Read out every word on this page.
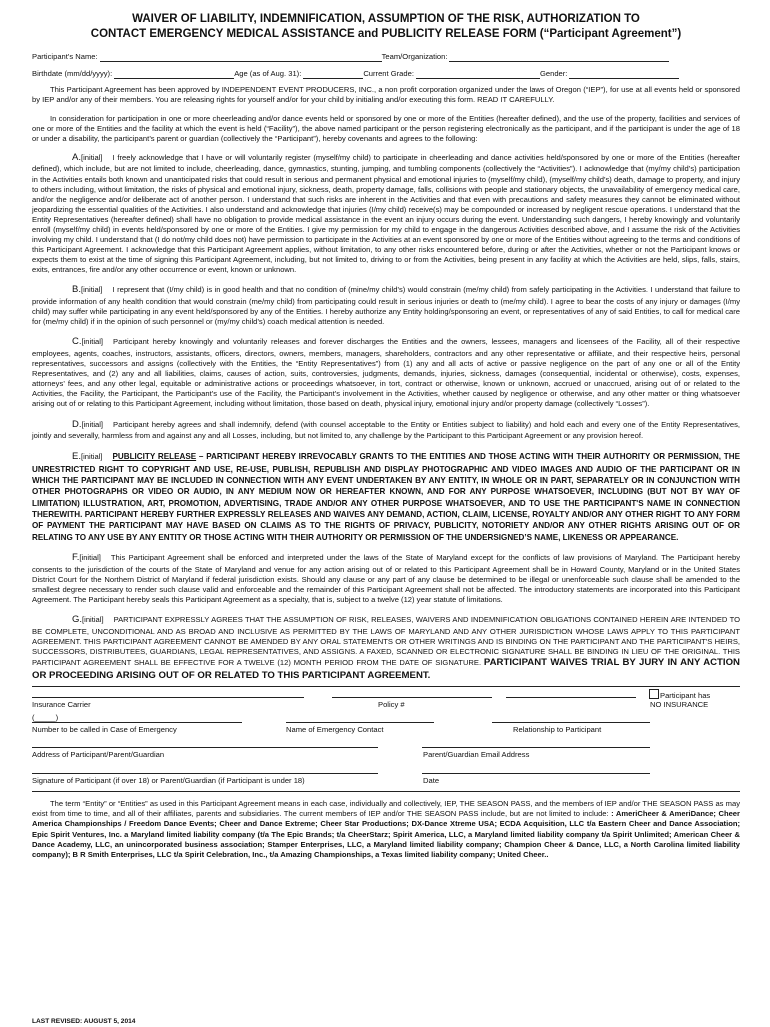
WAIVER OF LIABILITY, INDEMNIFICATION, ASSUMPTION OF THE RISK, AUTHORIZATION TO
CONTACT EMERGENCY MEDICAL ASSISTANCE and PUBLICITY RELEASE FORM (“Participant Agreement”)
Participant's Name:	Team/Organization:
Birthdate (mm/dd/yyyy):	Age (as of Aug. 31):	Current Grade:	Gender:

This Participant Agreement has been approved by INDEPENDENT EVENT PRODUCERS, INC., a non profit corporation organized under the laws of Oregon (“IEP”), for use at all events held or sponsored by IEP and/or any of their members. You are releasing rights for yourself and/or for your child by initialing and/or executing this form. READ IT CAREFULLY.

In consideration for participation in one or more cheerleading and/or dance events held or sponsored by one or more of the Entities (hereafter defined), and the use of the property, facilities and services of one or more of the Entities and the facility at which the event is held (“Facility”), the above named participant or the person registering electronically as the participant, and if the participant is under the age of 18 or under a disability, the participant’s parent or guardian (collectively the “Participant”), hereby covenants and agrees to the following:

A.[initial] I freely acknowledge that I have or will voluntarily register (myself/my child) to participate in cheerleading and dance activities held/sponsored by one or more of the Entities (hereafter defined), which include, but are not limited to include, cheerleading, dance, gymnastics, stunting, jumping, and tumbling components (collectively the “Activities”). I acknowledge that (my/my child’s) participation in the Activities entails both known and unanticipated risks that could result in serious and permanent physical and emotional injuries to (myself/my child), (myself/my child’s) death, damage to property, and injury to others including, without limitation, the risks of physical and emotional injury, sickness, death, property damage, falls, collisions with people and stationary objects, the unavailability of emergency medical care, and/or the negligence and/or deliberate act of another person. I understand that such risks are inherent in the Activities and that even with precautions and safety measures they cannot be eliminated without jeopardizing the essential qualities of the Activities. I also understand and acknowledge that injuries (I/my child) receive(s) may be compounded or increased by negligent rescue operations. I understand that the Entity Representatives (hereafter defined) shall have no obligation to provide medical assistance in the event an injury occurs during the event. Understanding such dangers, I hereby knowingly and voluntarily enroll (myself/my child) in events held/sponsored by one or more of the Entities. I give my permission for my child to engage in the dangerous Activities described above, and I assume the risk of the Activities involving my child. I understand that (I do not/my child does not) have permission to participate in the Activities at an event sponsored by one or more of the Entities without agreeing to the terms and conditions of this Participant Agreement. I acknowledge that this Participant Agreement applies, without limitation, to any other risks encountered before, during or after the Activities, whether or not the Participant knows or expects them to exist at the time of signing this Participant Agreement, including, but not limited to, driving to or from the Activities, being present in any facility at which the Activities are held, slips, falls, stairs, exits, entrances, fire and/or any other occurrence or event, known or unknown.
B.[initial] I represent that (I/my child) is in good health and that no condition of (mine/my child’s) would constrain (me/my child) from safely participating in the Activities. I understand that failure to provide information of any health condition that would constrain (me/my child) from participating could result in serious injuries or death to (me/my child). I agree to bear the costs of any injury or damages (I/my child) may suffer while participating in any event held/sponsored by any of the Entities. I hereby authorize any Entity holding/sponsoring an event, or representatives of any of said Entities, to call for medical care for (me/my child) if in the opinion of such personnel or (my/my child’s) coach medical attention is needed.
C.[initial] Participant hereby knowingly and voluntarily releases and forever discharges the Entities and the owners, lessees, managers and licensees of the Facility, all of their respective employees, agents, coaches, instructors, assistants, officers, directors, owners, members, managers, shareholders, contractors and any other representative or affiliate, and their respective heirs, personal representatives, successors and assigns (collectively with the Entities, the “Entity Representatives”) from (1) any and all acts of active or passive negligence on the part of any one or all of the Entity Representatives, and (2) any and all liabilities, claims, causes of action, suits, controversies, judgments, demands, injuries, sickness, damages (consequential, incidental or otherwise), costs, expenses, attorneys’ fees, and any other legal, equitable or administrative actions or proceedings whatsoever, in tort, contract or otherwise, known or unknown, accrued or unaccrued, arising out of or related to the Activities, the Facility, the Participant, the Participant’s use of the Facility, the Participant’s involvement in the Activities, whether caused by negligence or otherwise, and any other matter or thing whatsoever arising out of or relating to this Participant Agreement, including without limitation, those based on death, physical injury, emotional injury and/or property damage (collectively “Losses”).
D.[initial] Participant hereby agrees and shall indemnify, defend (with counsel acceptable to the Entity or Entities subject to liability) and hold each and every one of the Entity Representatives, jointly and severally, harmless from and against any and all Losses, including, but not limited to, any challenge by the Participant to this Participant Agreement or any provision hereof.
E.[initial] PUBLICITY RELEASE – PARTICIPANT HEREBY IRREVOCABLY GRANTS TO THE ENTITIES AND THOSE ACTING WITH THEIR AUTHORITY OR PERMISSION, THE UNRESTRICTED RIGHT TO COPYRIGHT AND USE, RE-USE, PUBLISH, REPUBLISH AND DISPLAY PHOTOGRAPHIC AND VIDEO IMAGES AND AUDIO OF THE PARTICIPANT OR IN WHICH THE PARTICIPANT MAY BE INCLUDED IN CONNECTION WITH ANY EVENT UNDERTAKEN BY ANY ENTITY, IN WHOLE OR IN PART, SEPARATELY OR IN CONJUNCTION WITH OTHER PHOTOGRAPHS OR VIDEO OR AUDIO, IN ANY MEDIUM NOW OR HEREAFTER KNOWN, AND FOR ANY PURPOSE WHATSOEVER, INCLUDING (BUT NOT BY WAY OF LIMITATION) ILLUSTRATION, ART, PROMOTION, ADVERTISING, TRADE AND/OR ANY OTHER PURPOSE WHATSOEVER, AND TO USE THE PARTICIPANT'S NAME IN CONNECTION THEREWITH. PARTICIPANT HEREBY FURTHER EXPRESSLY RELEASES AND WAIVES ANY DEMAND, ACTION, CLAIM, LICENSE, ROYALTY AND/OR ANY OTHER RIGHT TO ANY FORM OF PAYMENT THE PARTICIPANT MAY HAVE BASED ON CLAIMS AS TO THE RIGHTS OF PRIVACY, PUBLICITY, NOTORIETY AND/OR ANY OTHER RIGHTS ARISING OUT OF OR RELATING TO ANY USE BY ANY ENTITY OR THOSE ACTING WITH THEIR AUTHORITY OR PERMISSION OF THE UNDERSIGNED’S NAME, LIKENESS OR APPEARANCE.
F.[initial] This Participant Agreement shall be enforced and interpreted under the laws of the State of Maryland except for the conflicts of law provisions of Maryland. The Participant hereby consents to the jurisdiction of the courts of the State of Maryland and venue for any action arising out of or related to this Participant Agreement shall be in Howard County, Maryland or in the United States District Court for the Northern District of Maryland if federal jurisdiction exists. Should any clause or any part of any clause be determined to be illegal or unenforceable such clause shall be amended to the smallest degree necessary to render such clause valid and enforceable and the remainder of this Participant Agreement shall not be affected. The introductory statements are incorporated into this Participant Agreement. The Participant hereby seals this Participant Agreement as a specialty, that is, subject to a twelve (12) year statute of limitations.
G.[initial] PARTICIPANT EXPRESSLY AGREES THAT THE ASSUMPTION OF RISK, RELEASES, WAIVERS AND INDEMNIFICATION OBLIGATIONS CONTAINED HEREIN ARE INTENDED TO BE COMPLETE, UNCONDITIONAL AND AS BROAD AND INCLUSIVE AS PERMITTED BY THE LAWS OF MARYLAND AND ANY OTHER JURISDICTION WHOSE LAWS APPLY TO THIS PARTICIPANT AGREEMENT. THIS PARTICIPANT AGREEMENT CANNOT BE AMENDED BY ANY ORAL STATEMENTS OR OTHER WRITINGS AND IS BINDING ON THE PARTICIPANT AND THE PARTICIPANT'S HEIRS, SUCCESSORS, DISTRIBUTEES, GUARDIANS, LEGAL REPRESENTATIVES, AND ASSIGNS. A FAXED, SCANNED OR ELECTRONIC SIGNATURE SHALL BE BINDING IN LIEU OF THE ORIGINAL. THIS PARTICIPANT AGREEMENT SHALL BE EFFECTIVE FOR A TWELVE (12) MONTH PERIOD FROM THE DATE OF SIGNATURE. PARTICIPANT WAIVES TRIAL BY JURY IN ANY ACTION OR PROCEEDING ARISING OUT OF OR RELATED TO THIS PARTICIPANT AGREEMENT.
Insurance Carrier	Policy #
Participant has
NO INSURANCE
(_____)
Number to be called in Case of Emergency	Name of Emergency Contact	Relationship to Participant
Address of Participant/Parent/Guardian	Parent/Guardian Email Address
Signature of Participant (if over 18) or Parent/Guardian (if Participant is under 18)	Date

The term “Entity” or “Entities” as used in this Participant Agreement means in each case, individually and collectively, IEP, THE SEASON PASS, and the members of IEP and/or THE SEASON PASS as may exist from time to time, and all of their affiliates, parents and subsidiaries. The current members of IEP and/or THE SEASON PASS include, but are not limited to include: : AmeriCheer & AmeriDance; Cheer America Championships / Freedom Dance Events; Cheer and Dance Extreme; Cheer Star Productions; DX-Dance Xtreme USA; ECDA Acquisition, LLC t/a Eastern Cheer and Dance Association; Epic Spirit Ventures, Inc. a Maryland limited liability company (t/a The Epic Brands; t/a CheerStarz; Spirit America, LLC, a Maryland limited liability company t/a Spirit Unlimited; American Cheer & Dance Academy, LLC, an unincorporated business association; Stamper Enterprises, LLC, a Maryland limited liability company; Champion Cheer & Dance, LLC, a North Carolina limited liability company); B R Smith Enterprises, LLC t/a Spirit Celebration, Inc., t/a Amazing Championships, a Texas limited liability company; United Cheer..

LAST REVISED: AUGUST 5, 2014
